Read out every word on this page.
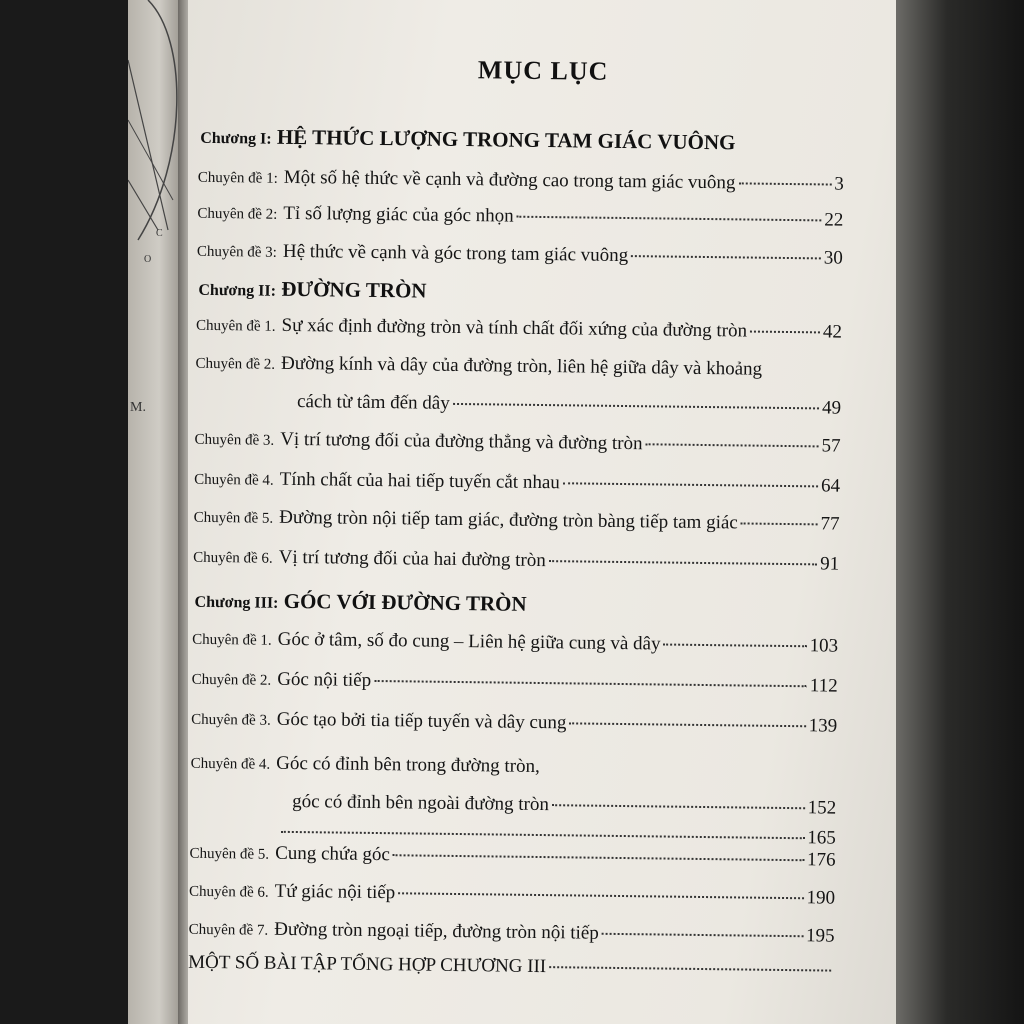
C
O
M.
MỤC LỤC
Chương I: HỆ THỨC LƯỢNG TRONG TAM GIÁC VUÔNG
Chuyên đề 1: Một số hệ thức về cạnh và đường cao trong tam giác vuông	3
Chuyên đề 2: Tỉ số lượng giác của góc nhọn	22
Chuyên đề 3: Hệ thức về cạnh và góc trong tam giác vuông	30
Chương II: ĐƯỜNG TRÒN
Chuyên đề 1. Sự xác định đường tròn và tính chất đối xứng của đường tròn	42
Chuyên đề 2. Đường kính và dây của đường tròn, liên hệ giữa dây và khoảng
cách từ tâm đến dây	49
Chuyên đề 3. Vị trí tương đối của đường thẳng và đường tròn	57
Chuyên đề 4. Tính chất của hai tiếp tuyến cắt nhau	64
Chuyên đề 5. Đường tròn nội tiếp tam giác, đường tròn bàng tiếp tam giác	77
Chuyên đề 6. Vị trí tương đối của hai đường tròn	91
Chương III: GÓC VỚI ĐƯỜNG TRÒN
Chuyên đề 1. Góc ở tâm, số đo cung – Liên hệ giữa cung và dây	103
Chuyên đề 2. Góc nội tiếp	112
Chuyên đề 3. Góc tạo bởi tia tiếp tuyến và dây cung	139
Chuyên đề 4. Góc có đỉnh bên trong đường tròn,
góc có đỉnh bên ngoài đường tròn	152
165
Chuyên đề 5. Cung chứa góc	176
Chuyên đề 6. Tứ giác nội tiếp	190
Chuyên đề 7. Đường tròn ngoại tiếp, đường tròn nội tiếp	195
MỘT SỐ BÀI TẬP TỔNG HỢP CHƯƠNG III
